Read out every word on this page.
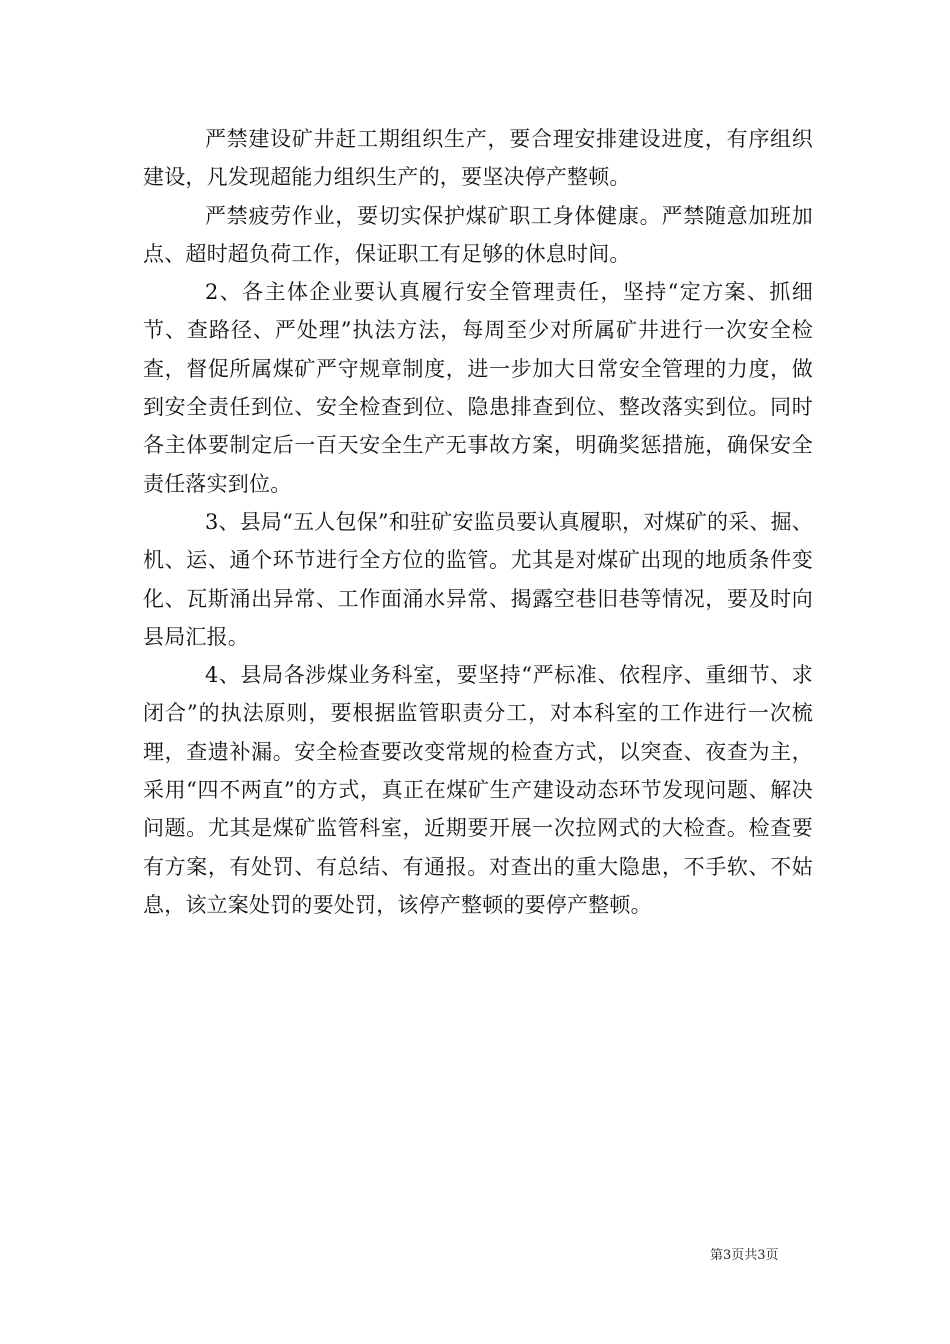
严禁建设矿井赶工期组织生产，要合理安排建设进度，有序组织建设，凡发现超能力组织生产的，要坚决停产整顿。

严禁疲劳作业，要切实保护煤矿职工身体健康。严禁随意加班加点、超时超负荷工作，保证职工有足够的休息时间。

2、各主体企业要认真履行安全管理责任，坚持“定方案、抓细节、查路径、严处理”执法方法，每周至少对所属矿井进行一次安全检查，督促所属煤矿严守规章制度，进一步加大日常安全管理的力度，做到安全责任到位、安全检查到位、隐患排查到位、整改落实到位。同时各主体要制定后一百天安全生产无事故方案，明确奖惩措施，确保安全责任落实到位。

3、县局“五人包保”和驻矿安监员要认真履职，对煤矿的采、掘、机、运、通个环节进行全方位的监管。尤其是对煤矿出现的地质条件变化、瓦斯涌出异常、工作面涌水异常、揭露空巷旧巷等情况，要及时向县局汇报。

4、县局各涉煤业务科室，要坚持“严标准、依程序、重细节、求闭合”的执法原则，要根据监管职责分工，对本科室的工作进行一次梳理，查遗补漏。安全检查要改变常规的检查方式，以突查、夜查为主，采用“四不两直”的方式，真正在煤矿生产建设动态环节发现问题、解决问题。尤其是煤矿监管科室，近期要开展一次拉网式的大检查。检查要有方案，有处罚、有总结、有通报。对查出的重大隐患，不手软、不姑息，该立案处罚的要处罚，该停产整顿的要停产整顿。

第3页共3页
